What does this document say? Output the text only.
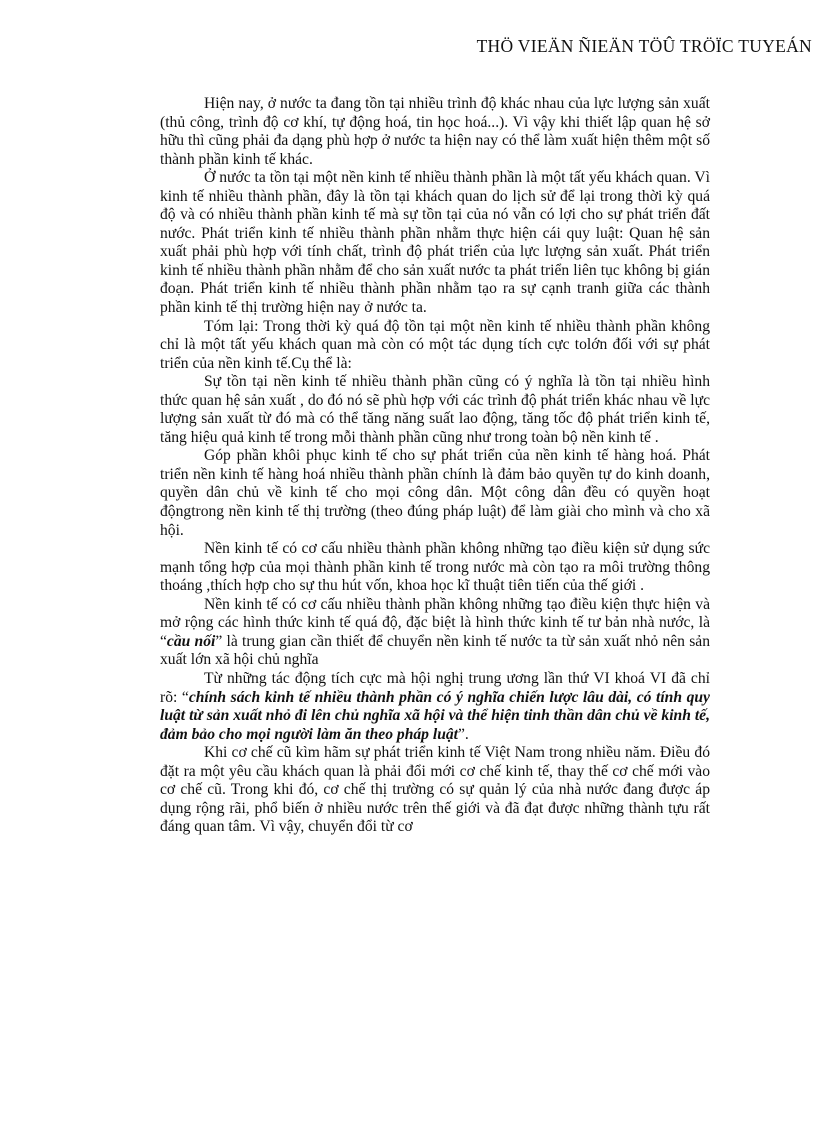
THÖ VIEÄN ÑIEÄN TÖÛ TRÖÏC TUYEÁN

Hiện nay, ở nước ta đang tồn tại nhiều trình độ khác nhau của lực lượng sản xuất (thủ công, trình độ cơ khí, tự động hoá, tin học hoá...). Vì vậy khi thiết lập quan hệ sở hữu thì cũng phải đa dạng phù hợp ở nước ta hiện nay có thể làm xuất hiện thêm một số thành phần kinh tế khác.

Ở nước ta tồn tại một nền kinh tế nhiều thành phần là một tất yếu khách quan. Vì kinh tế nhiều thành phần, đây là tồn tại khách quan do lịch sử để lại trong thời kỳ quá độ và có nhiều thành phần kinh tế mà sự tồn tại của nó vẫn có lợi cho sự phát triển đất nước. Phát triển kinh tế nhiều thành phần nhằm thực hiện cái quy luật: Quan hệ sản xuất phải phù hợp với tính chất, trình độ phát triển của lực lượng sản xuất. Phát triển kinh tế nhiều thành phần nhằm để cho sản xuất nước ta phát triển liên tục không bị gián đoạn. Phát triển kinh tế nhiều thành phần nhằm tạo ra sự cạnh tranh giữa các thành phần kinh tế thị trường hiện nay ở nước ta.

Tóm lại: Trong thời kỳ quá độ tồn tại một nền kinh tế nhiều thành phần không chỉ là một tất yếu khách quan mà còn có một tác dụng tích cực tolớn đối với sự phát triển của nền kinh tế.Cụ thể là:

Sự tồn tại nền kinh tế nhiều thành phần cũng có ý nghĩa là tồn tại nhiều hình thức quan hệ sản xuất , do đó nó sẽ phù hợp với các trình độ phát triển khác nhau về lực lượng sản xuất từ đó mà có thể tăng năng suất lao động, tăng tốc độ phát triển kinh tế, tăng hiệu quả kinh tế trong mỗi thành phần cũng như trong toàn bộ nền kinh tế .

Góp phần khôi phục kinh tế cho sự phát triển của nền kinh tế hàng hoá. Phát triển nền kinh tế hàng hoá nhiều thành phần chính là đảm bảo quyền tự do kinh doanh, quyền dân chủ về kinh tế cho mọi công dân. Một công dân đều có quyền hoạt độngtrong nền kinh tế thị trường (theo đúng pháp luật) để làm giài cho mình và cho xã hội.

Nền kinh tế có cơ cấu nhiều thành phần không những tạo điều kiện sử dụng sức mạnh tổng hợp của mọi thành phần kinh tế trong nước mà còn tạo ra môi trường thông thoáng ,thích hợp cho sự thu hút vốn, khoa học kĩ thuật tiên tiến của thế giới .

Nền kinh tế có cơ cấu nhiều thành phần không những tạo điều kiện thực hiện và mở rộng các hình thức kinh tế quá độ, đặc biệt là hình thức kinh tế tư bản nhà nước, là “cầu nối” là trung gian cần thiết để chuyển nền kinh tế nước ta từ sản xuất nhỏ nên sản xuất lớn xã hội chủ nghĩa

Từ những tác động tích cực mà hội nghị trung ương lần thứ VI khoá VI đã chỉ rõ: “chính sách kinh tế nhiều thành phần có ý nghĩa chiến lược lâu dài, có tính quy luật từ sản xuất nhỏ đi lên chủ nghĩa xã hội và thể hiện tinh thần dân chủ về kinh tế, đảm bảo cho mọi người làm ăn theo pháp luật”.

Khi cơ chế cũ kìm hãm sự phát triển kinh tế Việt Nam trong nhiều năm. Điều đó đặt ra một yêu cầu khách quan là phải đổi mới cơ chế kinh tế, thay thế cơ chế mới vào cơ chế cũ. Trong khi đó, cơ chế thị trường có sự quản lý của nhà nước đang được áp dụng rộng rãi, phổ biến ở nhiều nước trên thế giới và đã đạt được những thành tựu rất đáng quan tâm. Vì vậy, chuyển đổi từ cơ
